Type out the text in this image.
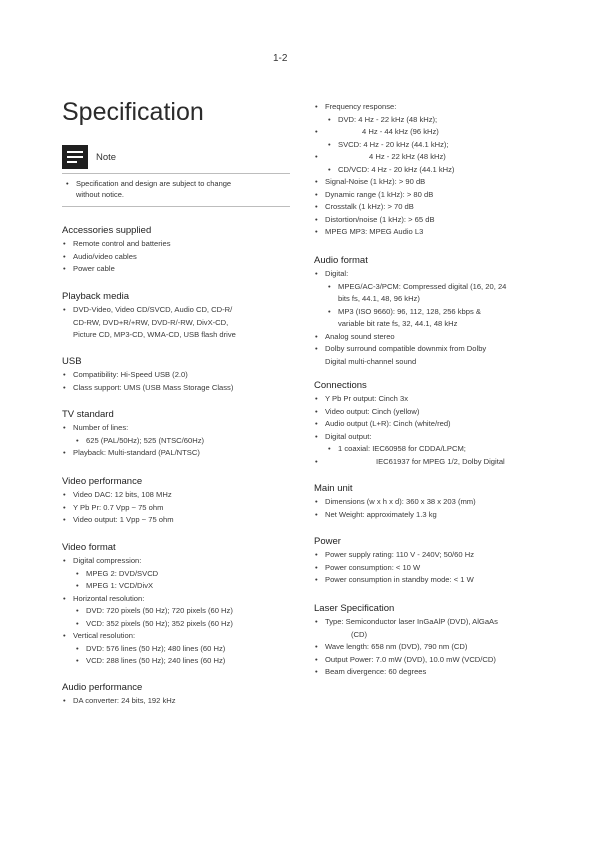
1-2
Specification
Note
• Specification and design are subject to change
without notice.
Accessories supplied
• Remote control and batteries
• Audio/video cables
• Power cable
Playback media
• DVD-Video, Video CD/SVCD, Audio CD, CD-R/
CD-RW, DVD+R/+RW, DVD-R/-RW, DivX-CD,
Picture CD, MP3-CD, WMA-CD, USB flash drive
USB
• Compatibility: Hi-Speed USB (2.0)
• Class support: UMS (USB Mass Storage Class)
TV standard
• Number of lines:
• 625 (PAL/50Hz); 525 (NTSC/60Hz)
• Playback: Multi-standard (PAL/NTSC)
Video performance
• Video DAC: 12 bits, 108 MHz
• Y Pb Pr: 0.7 Vpp ~ 75 ohm
• Video output: 1 Vpp ~ 75 ohm
Video format
• Digital compression:
• MPEG 2: DVD/SVCD
• MPEG 1: VCD/DivX
• Horizontal resolution:
• DVD: 720 pixels (50 Hz); 720 pixels (60 Hz)
• VCD: 352 pixels (50 Hz); 352 pixels (60 Hz)
• Vertical resolution:
• DVD: 576 lines (50 Hz); 480 lines (60 Hz)
• VCD: 288 lines (50 Hz); 240 lines (60 Hz)
Audio performance
• DA converter: 24 bits, 192 kHz
• Frequency response:
• DVD: 4 Hz - 22 kHz (48 kHz);
• 4 Hz - 44 kHz (96 kHz)
• SVCD: 4 Hz - 20 kHz (44.1 kHz);
• 4 Hz - 22 kHz (48 kHz)
• CD/VCD: 4 Hz - 20 kHz (44.1 kHz)
• Signal-Noise (1 kHz): > 90 dB
• Dynamic range (1 kHz): > 80 dB
• Crosstalk (1 kHz): > 70 dB
• Distortion/noise (1 kHz): > 65 dB
• MPEG MP3: MPEG Audio L3
Audio format
• Digital:
• MPEG/AC-3/PCM: Compressed digital (16, 20, 24
bits fs, 44.1, 48, 96 kHz)
• MP3 (ISO 9660): 96, 112, 128, 256 kbps &
variable bit rate fs, 32, 44.1, 48 kHz
• Analog sound stereo
• Dolby surround compatible downmix from Dolby
Digital multi-channel sound
Connections
• Y Pb Pr output: Cinch 3x
• Video output: Cinch (yellow)
• Audio output (L+R): Cinch (white/red)
• Digital output:
• 1 coaxial: IEC60958 for CDDA/LPCM;
• IEC61937 for MPEG 1/2, Dolby Digital
Main unit
• Dimensions (w x h x d): 360 x 38 x 203 (mm)
• Net Weight: approximately 1.3 kg
Power
• Power supply rating: 110 V - 240V; 50/60 Hz
• Power consumption: < 10 W
• Power consumption in standby mode: < 1 W
Laser Specification
• Type: Semiconductor laser InGaAlP (DVD), AlGaAs
(CD)
• Wave length: 658 nm (DVD), 790 nm (CD)
• Output Power: 7.0 mW (DVD), 10.0 mW (VCD/CD)
• Beam divergence: 60 degrees
